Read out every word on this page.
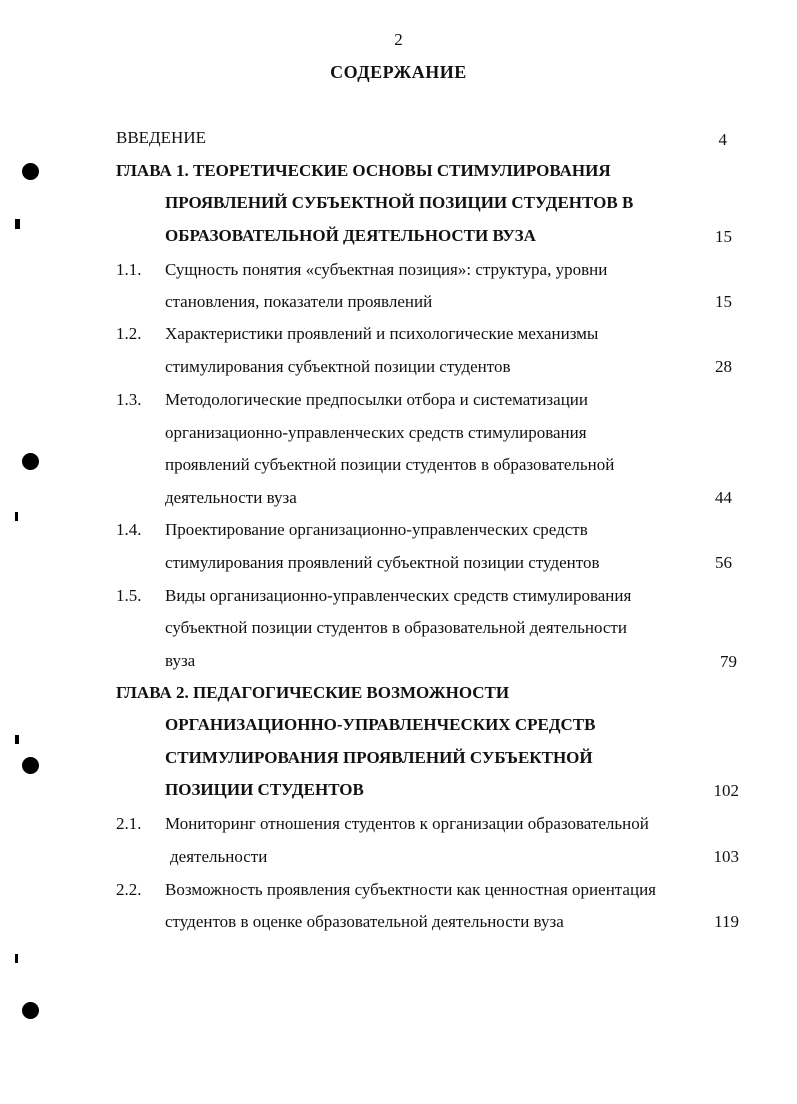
2
СОДЕРЖАНИЕ
ВВЕДЕНИЕ	4
ГЛАВА 1. ТЕОРЕТИЧЕСКИЕ ОСНОВЫ СТИМУЛИРОВАНИЯ
ПРОЯВЛЕНИЙ СУБЪЕКТНОЙ ПОЗИЦИИ СТУДЕНТОВ В
ОБРАЗОВАТЕЛЬНОЙ ДЕЯТЕЛЬНОСТИ ВУЗА	15
1.1. Сущность понятия «субъектная позиция»: структура, уровни
становления, показатели проявлений	15
1.2. Характеристики проявлений и психологические механизмы
стимулирования субъектной позиции студентов	28
1.3. Методологические предпосылки отбора и систематизации
организационно-управленческих средств стимулирования
проявлений субъектной позиции студентов в образовательной
деятельности вуза	44
1.4. Проектирование организационно-управленческих средств
стимулирования проявлений субъектной позиции студентов	56
1.5. Виды организационно-управленческих средств стимулирования
субъектной позиции студентов в образовательной деятельности
вуза	79
ГЛАВА 2. ПЕДАГОГИЧЕСКИЕ ВОЗМОЖНОСТИ
ОРГАНИЗАЦИОННО-УПРАВЛЕНЧЕСКИХ СРЕДСТВ
СТИМУЛИРОВАНИЯ ПРОЯВЛЕНИЙ СУБЪЕКТНОЙ
ПОЗИЦИИ СТУДЕНТОВ	102
2.1. Мониторинг отношения студентов к организации образовательной
деятельности	103
2.2. Возможность проявления субъектности как ценностная ориентация
студентов в оценке образовательной деятельности вуза	119
